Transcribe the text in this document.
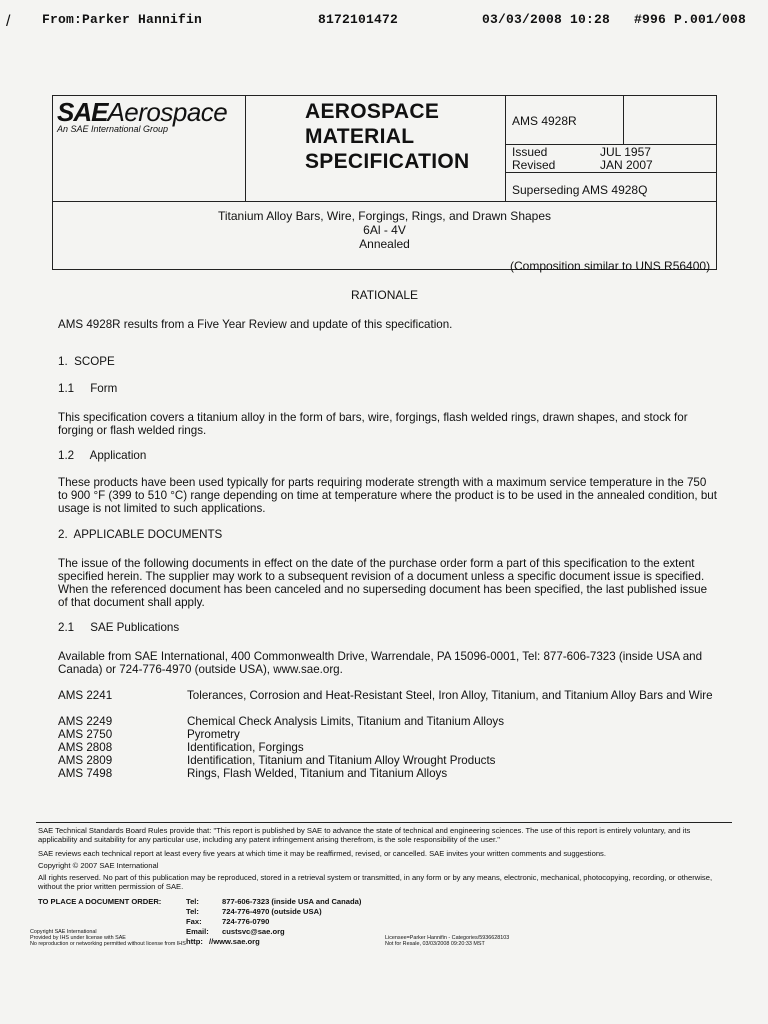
/ From:Parker Hannifin	8172101472	03/03/2008 10:28 #996 P.001/008
SAEAerospace
An SAE International Group
AEROSPACE
MATERIAL
SPECIFICATION
AMS 4928R
Issued	JUL 1957
Revised	JAN 2007
Superseding AMS 4928Q
Titanium Alloy Bars, Wire, Forgings, Rings, and Drawn Shapes
6Al - 4V
Annealed
(Composition similar to UNS R56400)
RATIONALE
AMS 4928R results from a Five Year Review and update of this specification.
1.  SCOPE
1.1     Form
This specification covers a titanium alloy in the form of bars, wire, forgings, flash welded rings, drawn shapes, and stock for forging or flash welded rings.
1.2     Application
These products have been used typically for parts requiring moderate strength with a maximum service temperature in the 750 to 900 °F (399 to 510 °C) range depending on time at temperature where the product is to be used in the annealed condition, but usage is not limited to such applications.
2.  APPLICABLE DOCUMENTS
The issue of the following documents in effect on the date of the purchase order form a part of this specification to the extent specified herein. The supplier may work to a subsequent revision of a document unless a specific document issue is specified. When the referenced document has been canceled and no superseding document has been specified, the last published issue of that document shall apply.
2.1     SAE Publications
Available from SAE International, 400 Commonwealth Drive, Warrendale, PA 15096-0001, Tel: 877-606-7323 (inside USA and Canada) or 724-776-4970 (outside USA), www.sae.org.
AMS 2241	Tolerances, Corrosion and Heat-Resistant Steel, Iron Alloy, Titanium, and Titanium Alloy Bars and Wire
AMS 2249	Chemical Check Analysis Limits, Titanium and Titanium Alloys
AMS 2750	Pyrometry
AMS 2808	Identification, Forgings
AMS 2809	Identification, Titanium and Titanium Alloy Wrought Products
AMS 7498	Rings, Flash Welded, Titanium and Titanium Alloys
SAE Technical Standards Board Rules provide that: "This report is published by SAE to advance the state of technical and engineering sciences. The use of this report is entirely voluntary, and its applicability and suitability for any particular use, including any patent infringement arising therefrom, is the sole responsibility of the user."
SAE reviews each technical report at least every five years at which time it may be reaffirmed, revised, or cancelled. SAE invites your written comments and suggestions.
Copyright © 2007 SAE International
All rights reserved. No part of this publication may be reproduced, stored in a retrieval system or transmitted, in any form or by any means, electronic, mechanical, photocopying, recording, or otherwise, without the prior written permission of SAE.
TO PLACE A DOCUMENT ORDER:	Tel:	877-606-7323 (inside USA and Canada)
Tel:	724-776-4970 (outside USA)
Fax:	724-776-0790
Email: custsvc@sae.org
http: //www.sae.org
Copyright SAE International
Provided by IHS under license with SAE
No reproduction or networking permitted without license from IHS
Licensee=Parker Hannifin - Categories/5936628103
Not for Resale, 03/03/2008 09:20:33 MST
